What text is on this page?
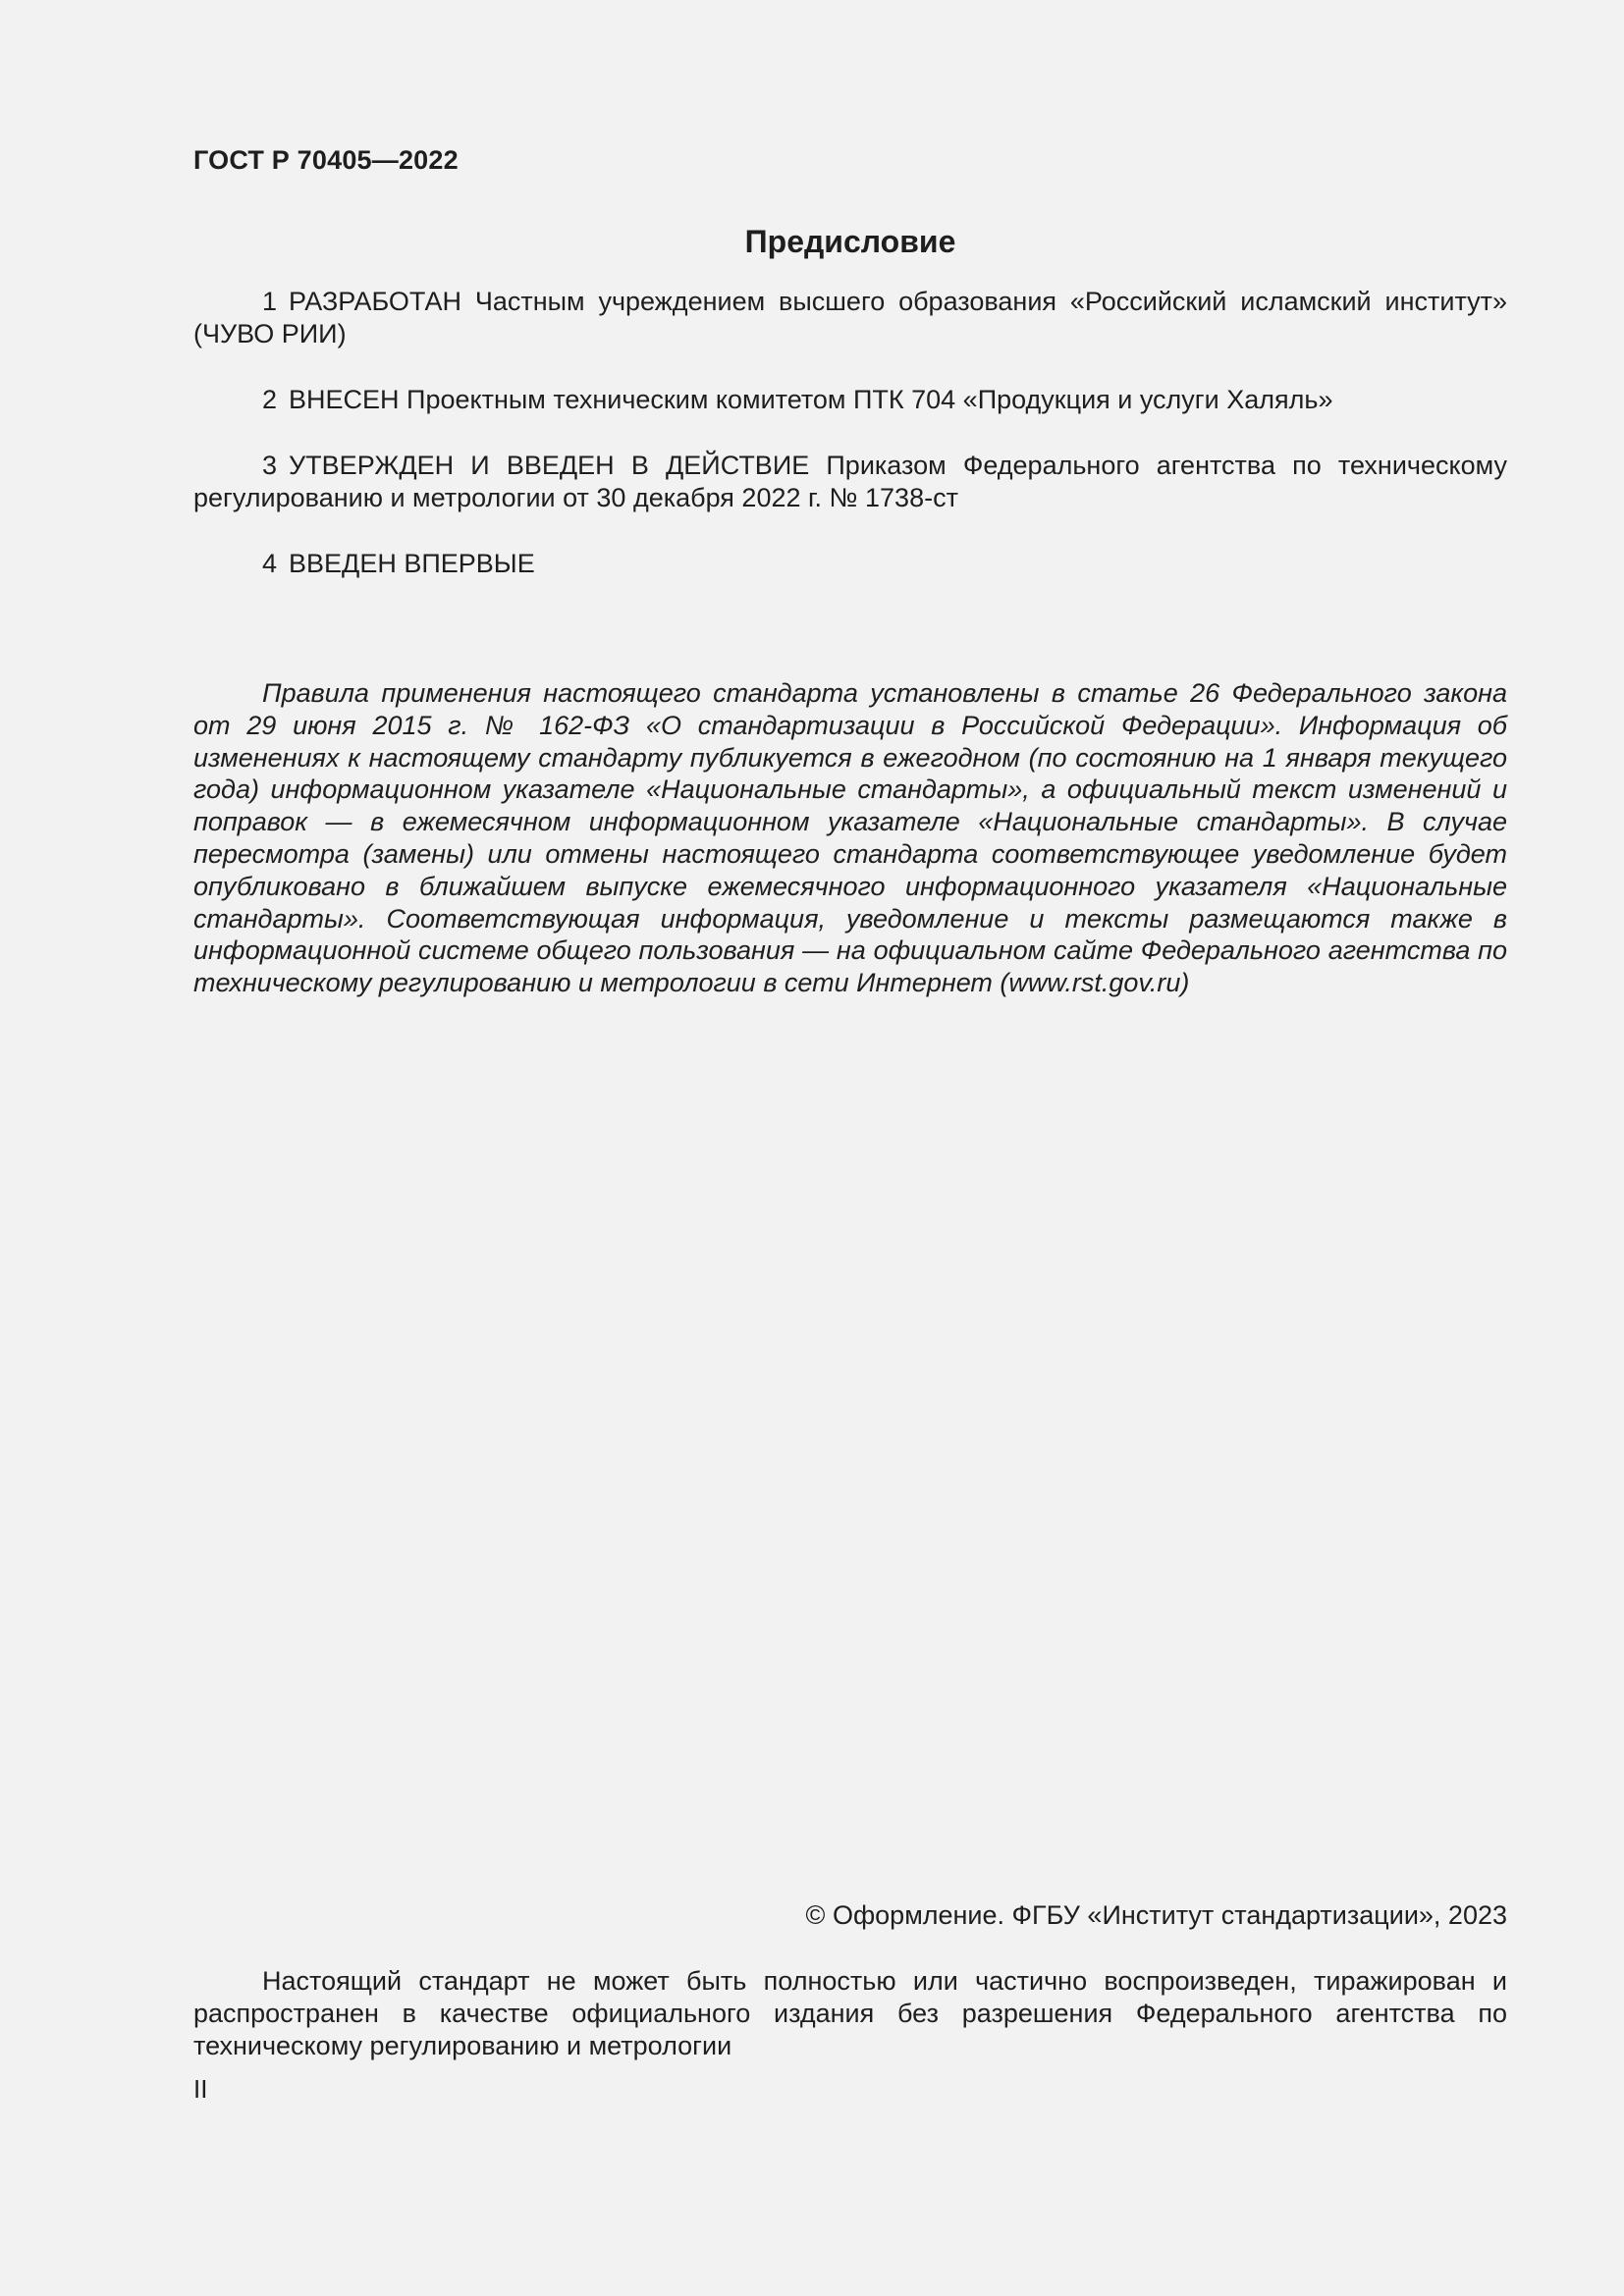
ГОСТ Р 70405—2022
Предисловие

1 РАЗРАБОТАН Частным учреждением высшего образования «Российский исламский институт» (ЧУВО РИИ)

2 ВНЕСЕН Проектным техническим комитетом ПТК 704 «Продукция и услуги Халяль»

3 УТВЕРЖДЕН И ВВЕДЕН В ДЕЙСТВИЕ Приказом Федерального агентства по техническому регулированию и метрологии от 30 декабря 2022 г. № 1738-ст

4 ВВЕДЕН ВПЕРВЫЕ

Правила применения настоящего стандарта установлены в статье 26 Федерального закона от 29 июня 2015 г. № 162-ФЗ «О стандартизации в Российской Федерации». Информация об изменениях к настоящему стандарту публикуется в ежегодном (по состоянию на 1 января текущего года) информационном указателе «Национальные стандарты», а официальный текст изменений и поправок — в ежемесячном информационном указателе «Национальные стандарты». В случае пересмотра (замены) или отмены настоящего стандарта соответствующее уведомление будет опубликовано в ближайшем выпуске ежемесячного информационного указателя «Национальные стандарты». Соответствующая информация, уведомление и тексты размещаются также в информационной системе общего пользования — на официальном сайте Федерального агентства по техническому регулированию и метрологии в сети Интернет (www.rst.gov.ru)

© Оформление. ФГБУ «Институт стандартизации», 2023

Настоящий стандарт не может быть полностью или частично воспроизведен, тиражирован и распространен в качестве официального издания без разрешения Федерального агентства по техническому регулированию и метрологии

II
